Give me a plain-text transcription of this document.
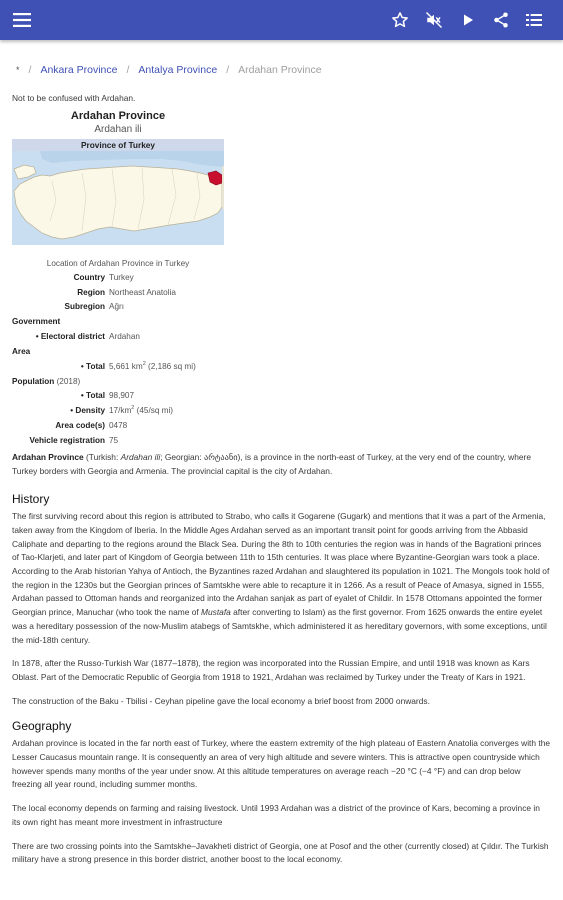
* / Ankara Province / Antalya Province / Ardahan Province
Not to be confused with Ardahan.
Ardahan Province
Ardahan ili
Province of Turkey
Location of Ardahan Province in Turkey
Country	Turkey
Region	Northeast Anatolia
Subregion	Ağrı
Government	
• Electoral district	Ardahan
Area	
• Total	5,661 $km^2$ (2,186 sq mi)
Population (2018)	
• Total	98,907
• Density	$17/km^2$ (45/sq mi)
Area code(s)	0478
Vehicle registration	75

Ardahan Province (Turkish: Ardahan ili; Georgian: არტაანი), is a province in the north-east of Turkey, at the very end of the country, where Turkey borders with Georgia and Armenia. The provincial capital is the city of Ardahan.

History

The first surviving record about this region is attributed to Strabo, who calls it Gogarene (Gugark) and mentions that it was a part of the Armenia, taken away from the Kingdom of Iberia. In the Middle Ages Ardahan served as an important transit point for goods arriving from the Abbasid Caliphate and departing to the regions around the Black Sea. During the 8th to 10th centuries the region was in hands of the Bagrationi princes of Tao-Klarjeti, and later part of Kingdom of Georgia between 11th to 15th centuries. It was place where Byzantine-Georgian wars took a place. According to the Arab historian Yahya of Antioch, the Byzantines razed Ardahan and slaughtered its population in 1021. The Mongols took hold of the region in the 1230s but the Georgian princes of Samtskhe were able to recapture it in 1266. As a result of Peace of Amasya, signed in 1555, Ardahan passed to Ottoman hands and reorganized into the Ardahan sanjak as part of eyalet of Childir. In 1578 Ottomans appointed the former Georgian prince, Manuchar (who took the name of Mustafa after converting to Islam) as the first governor. From 1625 onwards the entire eyelet was a hereditary possession of the now-Muslim atabegs of Samtskhe, which administered it as hereditary governors, with some exceptions, until the mid-18th century.

In 1878, after the Russo-Turkish War (1877–1878), the region was incorporated into the Russian Empire, and until 1918 was known as Kars Oblast. Part of the Democratic Republic of Georgia from 1918 to 1921, Ardahan was reclaimed by Turkey under the Treaty of Kars in 1921.

The construction of the Baku - Tbilisi - Ceyhan pipeline gave the local economy a brief boost from 2000 onwards.

Geography

Ardahan province is located in the far north east of Turkey, where the eastern extremity of the high plateau of Eastern Anatolia converges with the Lesser Caucasus mountain range. It is consequently an area of very high altitude and severe winters. This is attractive open countryside which however spends many months of the year under snow. At this altitude temperatures on average reach −20 °C (−4 °F) and can drop below freezing all year round, including summer months.

The local economy depends on farming and raising livestock. Until 1993 Ardahan was a district of the province of Kars, becoming a province in its own right has meant more investment in infrastructure

There are two crossing points into the Samtskhe–Javakheti district of Georgia, one at Posof and the other (currently closed) at Çıldır. The Turkish military have a strong presence in this border district, another boost to the local economy.
